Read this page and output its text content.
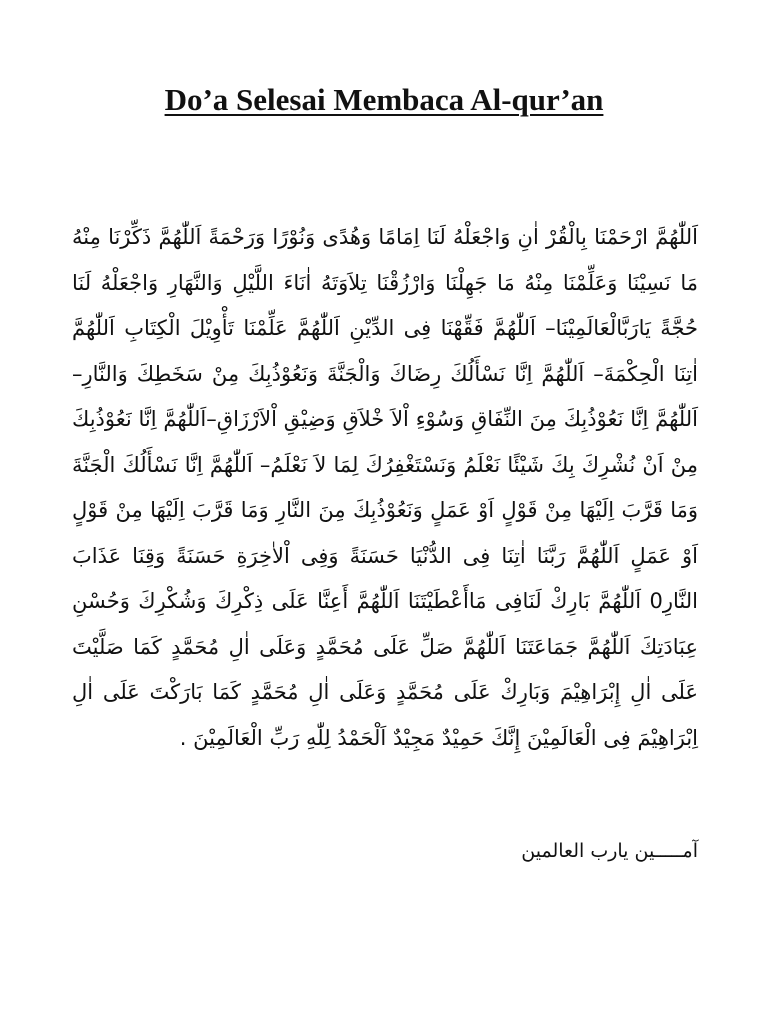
Do’a Selesai Membaca Al-qur’an

اَللّٰهُمَّ ارْحَمْنَا بِالْقُرْ اٰنِ وَاجْعَلْهُ لَنَا اِمَامًا وَهُدًى وَنُوْرًا وَرَحْمَةً اَللّٰهُمَّ ذَكِّرْنَا مِنْهُ مَا نَسِيْنَا وَعَلِّمْنَا مِنْهُ مَا جَهِلْنَا وَارْزُقْنَا تِلاَوَتَهُ اٰنَاءَ اللَّيْلِ وَالنَّهَارِ وَاجْعَلْهُ لَنَا حُجَّةً يَارَبَّالْعَالَمِيْنَا– اَللّٰهُمَّ فَقِّهْنَا فِى الدِّيْنِ اَللّٰهُمَّ عَلِّمْنَا تَأْوِيْلَ الْكِتَابِ اَللّٰهُمَّ اٰتِنَا الْحِكْمَةَ– اَللّٰهُمَّ اِنَّا نَسْأَلُكَ رِضَاكَ وَالْجَنَّةَ وَنَعُوْذُبِكَ مِنْ سَخَطِكَ وَالنَّارِ– اَللّٰهُمَّ اِنَّا نَعُوْذُبِكَ مِنَ النِّفَاقِ وَسُوْءِ اْلاَ خْلاَقِ وَضِيْقِ اْلاَرْزَاقِ–اَللّٰهُمَّ اِنَّا نَعُوْذُبِكَ مِنْ اَنْ نُشْرِكَ بِكَ شَيْئًا نَعْلَمُ وَنَسْتَغْفِرُكَ لِمَا لاَ نَعْلَمُ– اَللّٰهُمَّ اِنَّا نَسْأَلُكَ الْجَنَّةَ وَمَا قَرَّبَ اِلَيْهَا مِنْ قَوْلٍ اَوْ عَمَلٍ وَنَعُوْذُبِكَ مِنَ النَّارِ وَمَا قَرَّبَ اِلَيْهَا مِنْ قَوْلٍ اَوْ عَمَلٍ اَللّٰهُمَّ رَبَّنَا اٰتِنَا فِى الدُّنْيَا حَسَنَةً وَفِى اْلاٰخِرَةِ حَسَنَةً وَقِنَا عَذَابَ النَّارِ0 اَللّٰهُمَّ بَارِكْ لَنَافِى مَاأَعْطَيْتَنَا اَللّٰهُمَّ أَعِنَّا عَلَى ذِكْرِكَ وَشُكْرِكَ وَحُسْنِ عِبَادَتِكَ اَللّٰهُمَّ جَمَاعَتَنَا اَللّٰهُمَّ صَلِّ عَلَى مُحَمَّدٍ وَعَلَى اٰلِ مُحَمَّدٍ كَمَا صَلَّيْتَ عَلَى اٰلِ إِبْرَاهِيْمَ وَبَارِكْ عَلَى مُحَمَّدٍ وَعَلَى اٰلِ مُحَمَّدٍ كَمَا بَارَكْتَ عَلَى اٰلِ اِبْرَاهِيْمَ فِى الْعَالَمِيْنَ إِنَّكَ حَمِيْدٌ مَجِيْدٌ اَلْحَمْدُ لِلّٰهِ رَبِّ الْعَالَمِيْنَ .

آمـــــين يارب العالمين
